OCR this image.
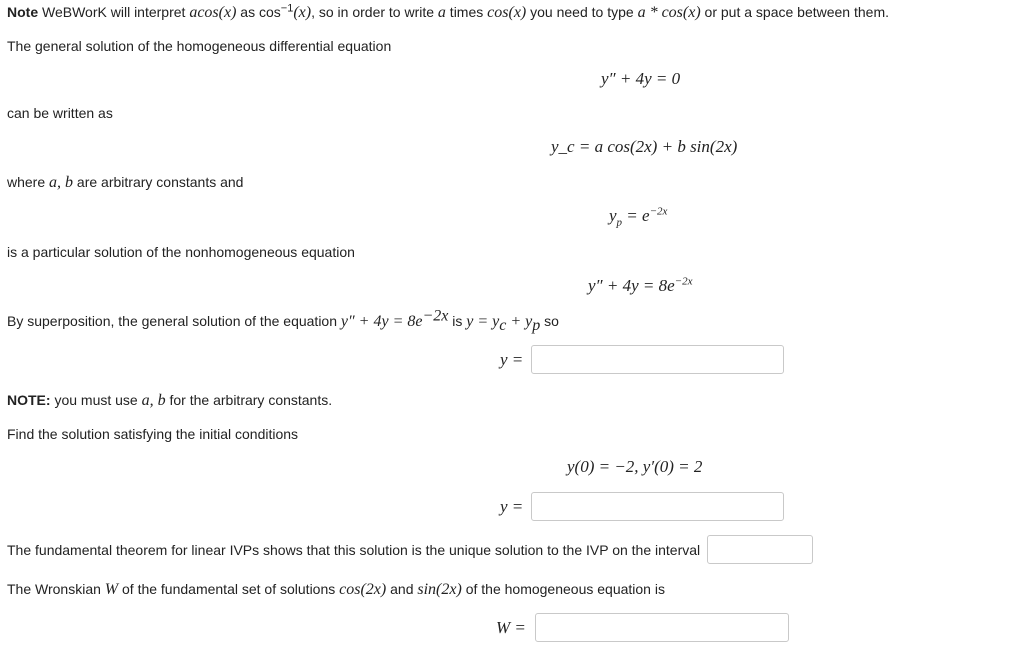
Note WeBWorK will interpret acos(x) as $\cos^{-1}(x)$, so in order to write a times cos(x) you need to type a * cos(x) or put a space between them.
The general solution of the homogeneous differential equation
y″ + 4y = 0
can be written as
y_c = a cos(2x) + b sin(2x)
where a, b are arbitrary constants and
$y_p = e^{-2x}$
is a particular solution of the nonhomogeneous equation
$y'' + 4y = 8e^{-2x}$
By superposition, the general solution of the equation $y'' + 4y = 8e^{-2x}$ is $y = y_c + y_p$ so
y =
NOTE: you must use a, b for the arbitrary constants.
Find the solution satisfying the initial conditions
y(0) = −2, y′(0) = 2
y =
The fundamental theorem for linear IVPs shows that this solution is the unique solution to the IVP on the interval
The Wronskian W of the fundamental set of solutions cos(2x) and sin(2x) of the homogeneous equation is
W =
